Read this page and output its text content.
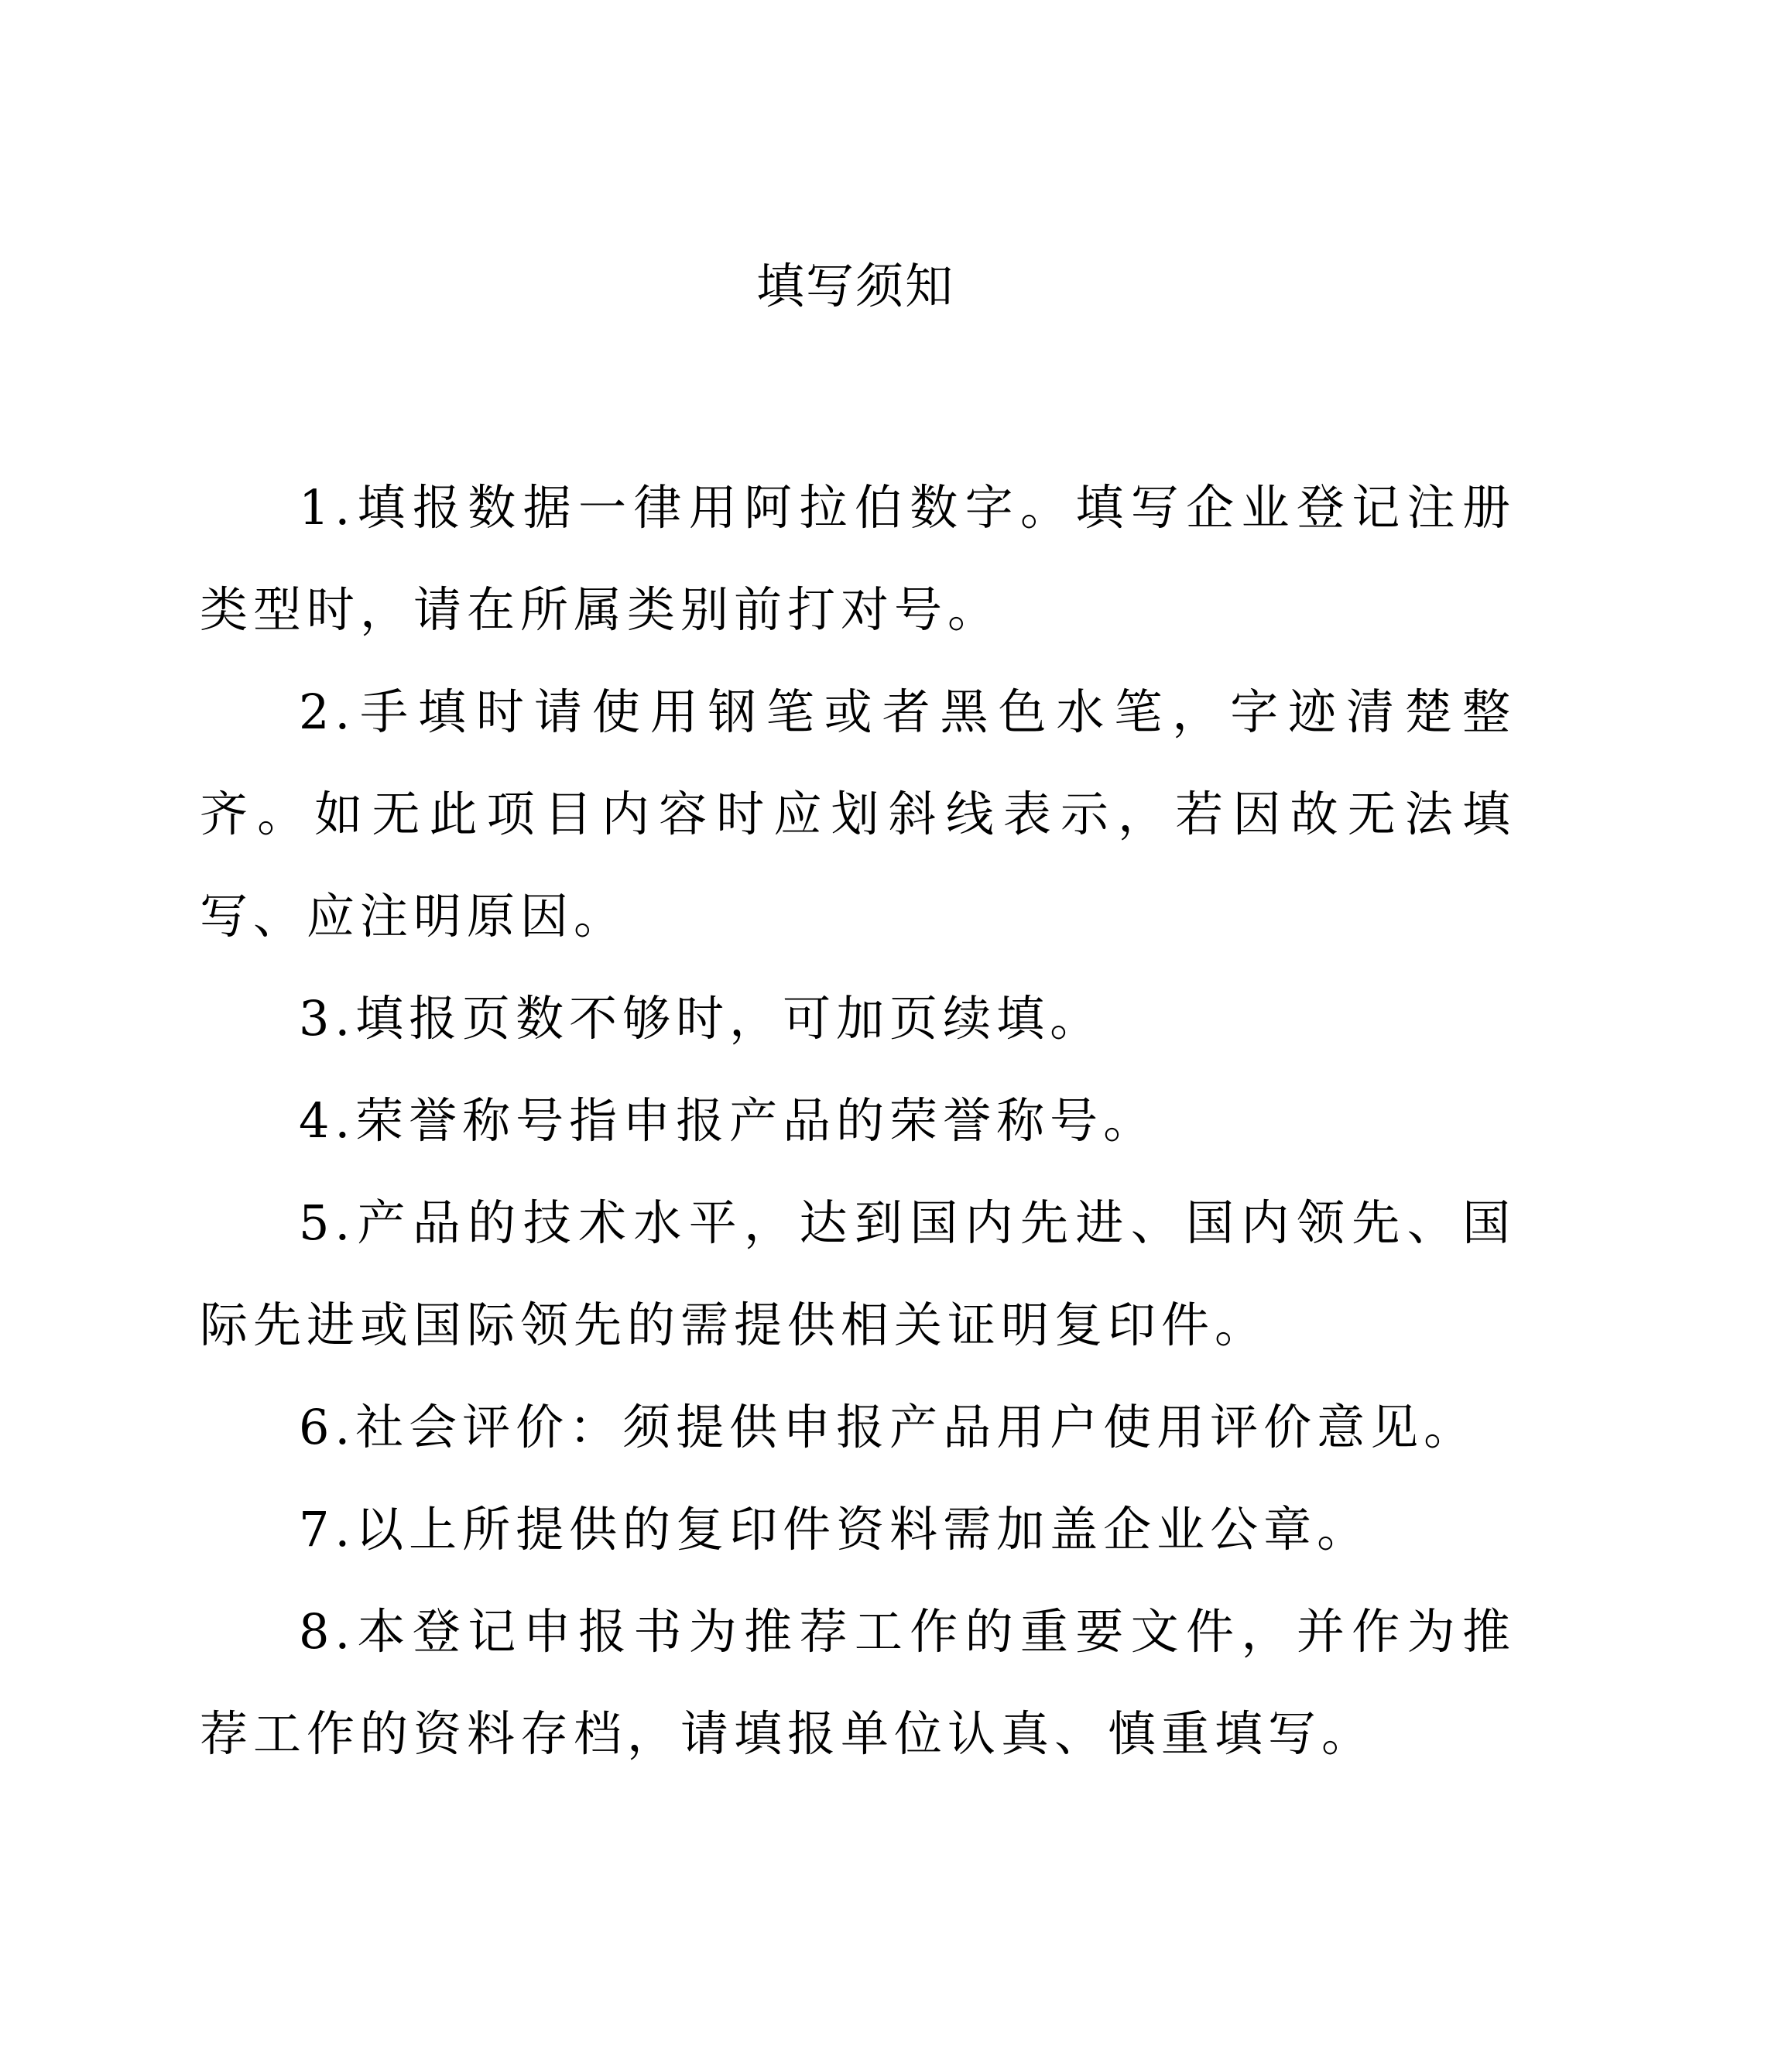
填写须知

1.填报数据一律用阿拉伯数字。填写企业登记注册类型时，请在所属类别前打对号。

2.手填时请使用钢笔或者黑色水笔，字迹清楚整齐。如无此项目内容时应划斜线表示，若因故无法填写、应注明原因。

3.填报页数不够时，可加页续填。

4.荣誉称号指申报产品的荣誉称号。

5.产品的技术水平，达到国内先进、国内领先、国际先进或国际领先的需提供相关证明复印件。

6.社会评价：须提供申报产品用户使用评价意见。

7.以上所提供的复印件资料需加盖企业公章。

8.本登记申报书为推荐工作的重要文件，并作为推荐工作的资料存档，请填报单位认真、慎重填写。
